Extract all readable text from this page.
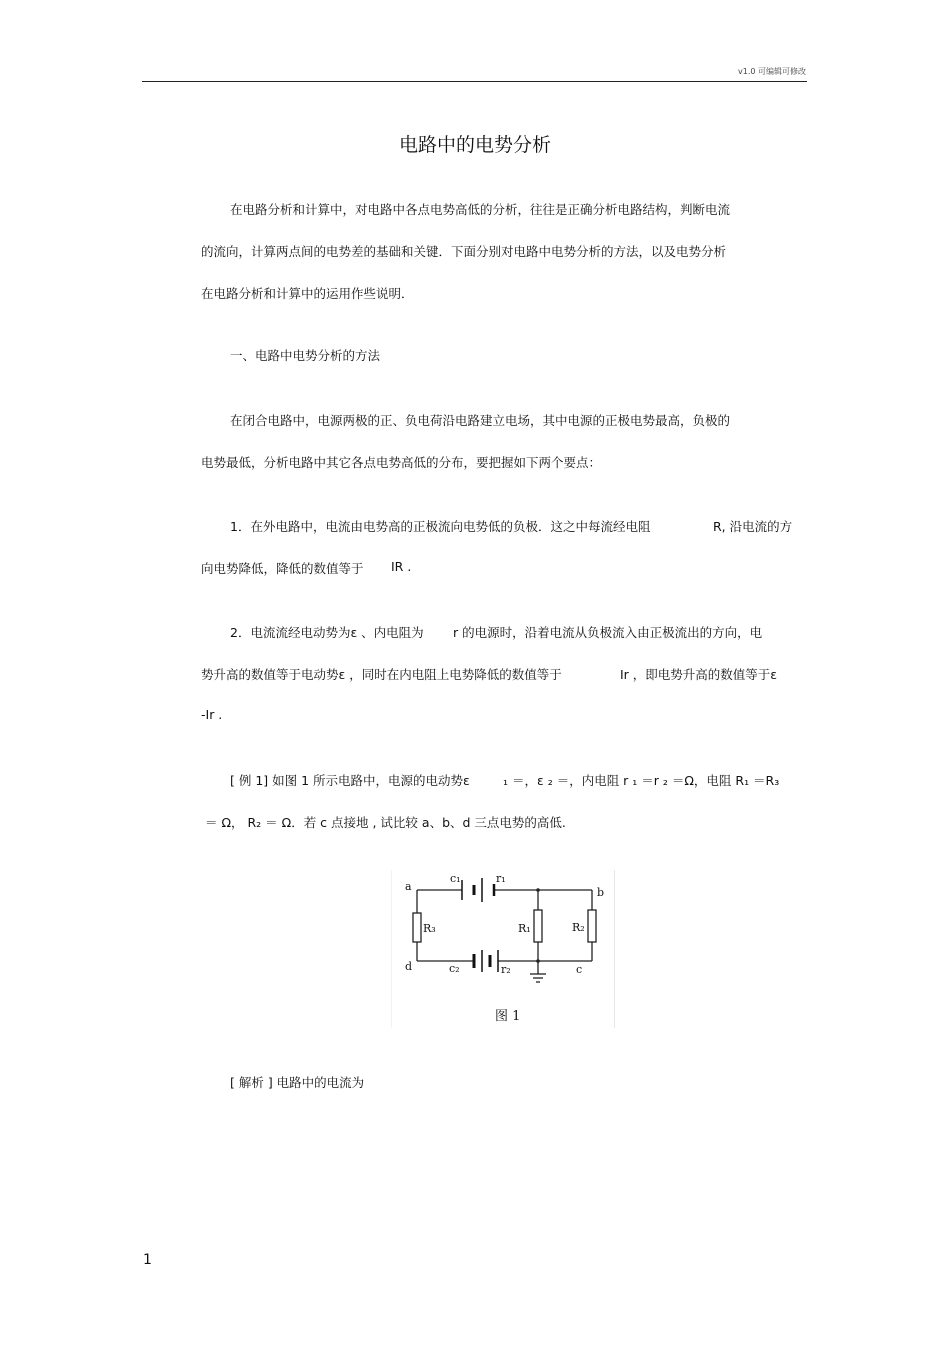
v1.0 可编辑可修改
电路中的电势分析
在电路分析和计算中，对电路中各点电势高低的分析，往往是正确分析电路结构，判断电流
的流向，计算两点间的电势差的基础和关键．下面分别对电路中电势分析的方法，以及电势分析
在电路分析和计算中的运用作些说明．
一、电路中电势分析的方法
在闭合电路中，电源两极的正、负电荷沿电路建立电场，其中电源的正极电势最高，负极的
电势最低，分析电路中其它各点电势高低的分布，要把握如下两个要点：
1．在外电路中，电流由电势高的正极流向电势低的负极．这之中每流经电阻	R, 沿电流的方
向电势降低，降低的数值等于 IR .
2．电流流经电动势为ε 、内电阻为 r 的电源时，沿着电流从负极流入由正极流出的方向，电
势升高的数值等于电动势ε ，同时在内电阻上电势降低的数值等于	Ir ，即电势升高的数值等于ε
-Ir .
[ 例 1] 如图 1 所示电路中，电源的电动势ε	₁ ＝，ε ₂ ＝，内电阻 r ₁ ＝r ₂ ＝Ω，电阻 R₁ ＝R₃
＝ Ω， R₂ ＝ Ω．若 c 点接地 , 试比较 a、b、d 三点电势的高低.
a	b
c
d
c₁	r₁
c₂	r₂
R₁	R₂
R₃
图 1
[ 解析 ] 电路中的电流为
1
